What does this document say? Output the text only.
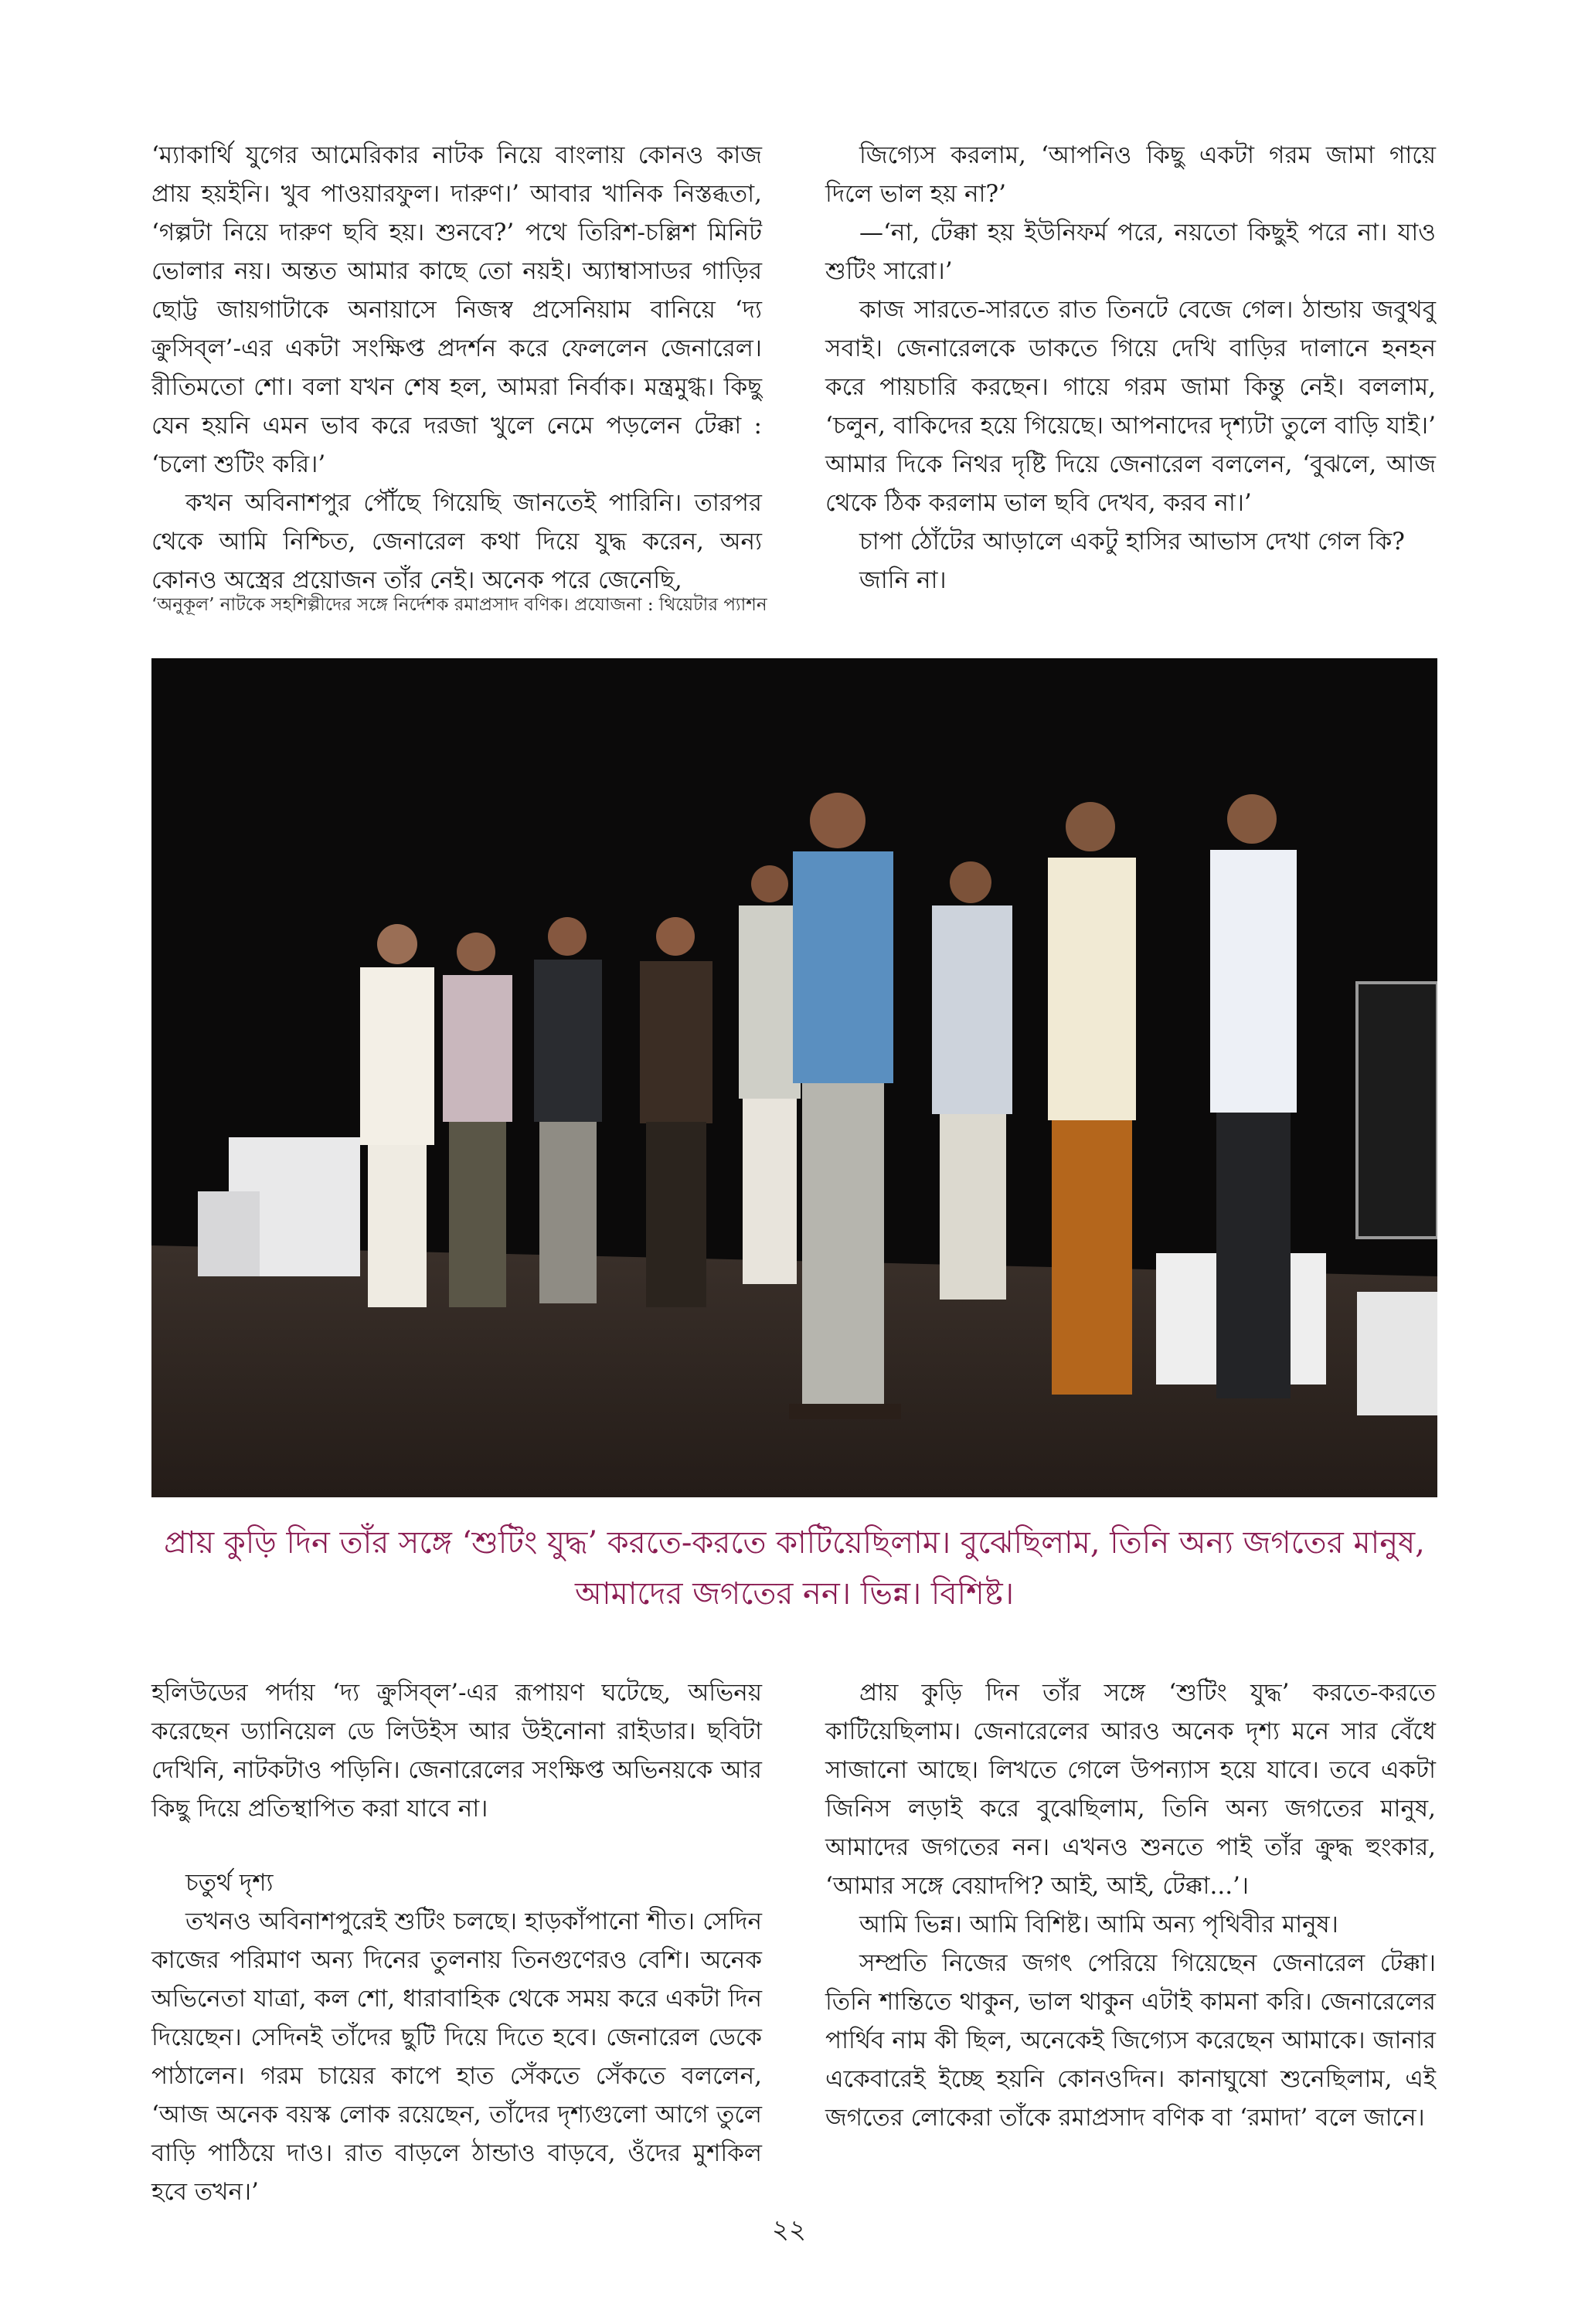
‘ম্যাকার্থি যুগের আমেরিকার নাটক নিয়ে বাংলায় কোনও কাজ প্রায় হয়ইনি। খুব পাওয়ারফুল। দারুণ।’ আবার খানিক নিস্তব্ধতা, ‘গল্পটা নিয়ে দারুণ ছবি হয়। শুনবে?’ পথে তিরিশ-চল্লিশ মিনিট ভোলার নয়। অন্তত আমার কাছে তো নয়ই। অ্যাম্বাসাডর গাড়ির ছোট্ট জায়গাটাকে অনায়াসে নিজস্ব প্রসেনিয়াম বানিয়ে ‘দ্য ক্রুসিব্‌ল’-এর একটা সংক্ষিপ্ত প্রদর্শন করে ফেললেন জেনারেল। রীতিমতো শো। বলা যখন শেষ হল, আমরা নির্বাক। মন্ত্রমুগ্ধ। কিছু যেন হয়নি এমন ভাব করে দরজা খুলে নেমে পড়লেন টেক্কা : ‘চলো শুটিং করি।’

কখন অবিনাশপুর পৌঁছে গিয়েছি জানতেই পারিনি। তারপর থেকে আমি নিশ্চিত, জেনারেল কথা দিয়ে যুদ্ধ করেন, অন্য কোনও অস্ত্রের প্রয়োজন তাঁর নেই। অনেক পরে জেনেছি,

জিগ্যেস করলাম, ‘আপনিও কিছু একটা গরম জামা গায়ে দিলে ভাল হয় না?’

—‘না, টেক্কা হয় ইউনিফর্ম পরে, নয়তো কিছুই পরে না। যাও শুটিং সারো।’

কাজ সারতে-সারতে রাত তিনটে বেজে গেল। ঠান্ডায় জবুথবু সবাই। জেনারেলকে ডাকতে গিয়ে দেখি বাড়ির দালানে হনহন করে পায়চারি করছেন। গায়ে গরম জামা কিন্তু নেই। বললাম, ‘চলুন, বাকিদের হয়ে গিয়েছে। আপনাদের দৃশ্যটা তুলে বাড়ি যাই।’ আমার দিকে নিথর দৃষ্টি দিয়ে জেনারেল বললেন, ‘বুঝলে, আজ থেকে ঠিক করলাম ভাল ছবি দেখব, করব না।’

চাপা ঠোঁটের আড়ালে একটু হাসির আভাস দেখা গেল কি?

জানি না।

‘অনুকূল’ নাটকে সহশিল্পীদের সঙ্গে নির্দেশক রমাপ্রসাদ বণিক। প্রযোজনা : থিয়েটার প্যাশন
প্রায় কুড়ি দিন তাঁর সঙ্গে ‘শুটিং যুদ্ধ’ করতে-করতে কাটিয়েছিলাম। বুঝেছিলাম, তিনি অন্য জগতের মানুষ, আমাদের জগতের নন। ভিন্ন। বিশিষ্ট।

হলিউডের পর্দায় ‘দ্য ক্রুসিব্‌ল’-এর রূপায়ণ ঘটেছে, অভিনয় করেছেন ড্যানিয়েল ডে লিউইস আর উইনোনা রাইডার। ছবিটা দেখিনি, নাটকটাও পড়িনি। জেনারেলের সংক্ষিপ্ত অভিনয়কে আর কিছু দিয়ে প্রতিস্থাপিত করা যাবে না।

চতুর্থ দৃশ্য

তখনও অবিনাশপুরেই শুটিং চলছে। হাড়কাঁপানো শীত। সেদিন কাজের পরিমাণ অন্য দিনের তুলনায় তিনগুণেরও বেশি। অনেক অভিনেতা যাত্রা, কল শো, ধারাবাহিক থেকে সময় করে একটা দিন দিয়েছেন। সেদিনই তাঁদের ছুটি দিয়ে দিতে হবে। জেনারেল ডেকে পাঠালেন। গরম চায়ের কাপে হাত সেঁকতে সেঁকতে বললেন, ‘আজ অনেক বয়স্ক লোক রয়েছেন, তাঁদের দৃশ্যগুলো আগে তুলে বাড়ি পাঠিয়ে দাও। রাত বাড়লে ঠান্ডাও বাড়বে, ওঁদের মুশকিল হবে তখন।’

প্রায় কুড়ি দিন তাঁর সঙ্গে ‘শুটিং যুদ্ধ’ করতে-করতে কাটিয়েছিলাম। জেনারেলের আরও অনেক দৃশ্য মনে সার বেঁধে সাজানো আছে। লিখতে গেলে উপন্যাস হয়ে যাবে। তবে একটা জিনিস লড়াই করে বুঝেছিলাম, তিনি অন্য জগতের মানুষ, আমাদের জগতের নন। এখনও শুনতে পাই তাঁর ক্রুদ্ধ হুংকার, ‘আমার সঙ্গে বেয়াদপি? আই, আই, টেক্কা...’।

আমি ভিন্ন। আমি বিশিষ্ট। আমি অন্য পৃথিবীর মানুষ।

সম্প্রতি নিজের জগৎ পেরিয়ে গিয়েছেন জেনারেল টেক্কা। তিনি শান্তিতে থাকুন, ভাল থাকুন এটাই কামনা করি। জেনারেলের পার্থিব নাম কী ছিল, অনেকেই জিগ্যেস করেছেন আমাকে। জানার একেবারেই ইচ্ছে হয়নি কোনওদিন। কানাঘুষো শুনেছিলাম, এই জগতের লোকেরা তাঁকে রমাপ্রসাদ বণিক বা ‘রমাদা’ বলে জানে।

২২
